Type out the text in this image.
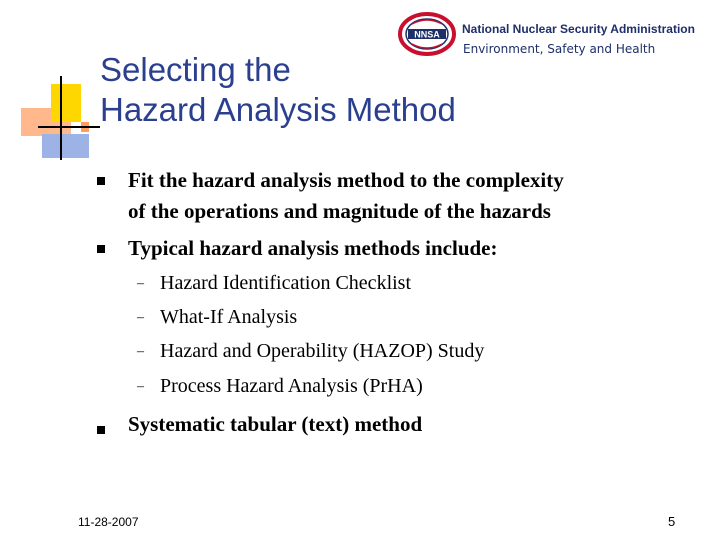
NNSA National Nuclear Security Administration
Environment, Safety and Health
Selecting the
Hazard Analysis Method
Fit the hazard analysis method to the complexity
of the operations and magnitude of the hazards
Typical hazard analysis methods include:
– Hazard Identification Checklist
– What-If Analysis
– Hazard and Operability (HAZOP) Study
– Process Hazard Analysis (PrHA)
Systematic tabular (text) method
11-28-2007	5
